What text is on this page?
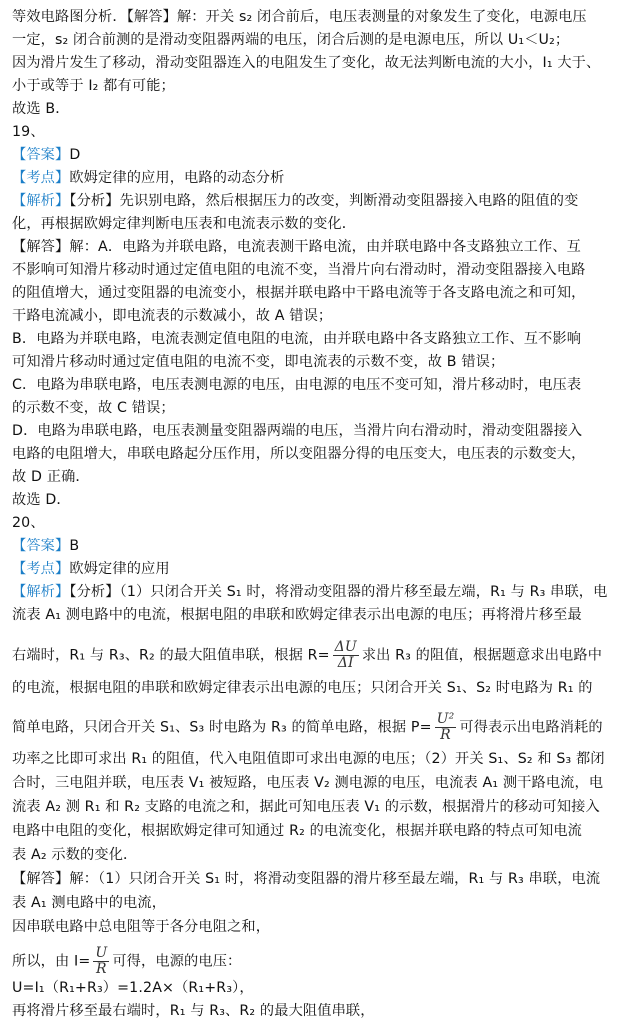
等效电路图分析．【解答】解：开关 s₂ 闭合前后，电压表测量的对象发生了变化，电源电压
一定，s₂ 闭合前测的是滑动变阻器两端的电压，闭合后测的是电源电压，所以 U₁＜U₂；
因为滑片发生了移动，滑动变阻器连入的电阻发生了变化，故无法判断电流的大小，I₁ 大于、
小于或等于 I₂ 都有可能；
故选 B．
19、
【答案】D
【考点】欧姆定律的应用，电路的动态分析
【解析】【分析】先识别电路，然后根据压力的改变，判断滑动变阻器接入电路的阻值的变
化，再根据欧姆定律判断电压表和电流表示数的变化．
【解答】解：A．电路为并联电路，电流表测干路电流，由并联电路中各支路独立工作、互
不影响可知滑片移动时通过定值电阻的电流不变，当滑片向右滑动时，滑动变阻器接入电路
的阻值增大，通过变阻器的电流变小，根据并联电路中干路电流等于各支路电流之和可知，
干路电流减小，即电流表的示数减小，故 A 错误；
B．电路为并联电路，电流表测定值电阻的电流，由并联电路中各支路独立工作、互不影响
可知滑片移动时通过定值电阻的电流不变，即电流表的示数不变，故 B 错误；
C．电路为串联电路，电压表测电源的电压，由电源的电压不变可知，滑片移动时，电压表
的示数不变，故 C 错误；
D．电路为串联电路，电压表测量变阻器两端的电压，当滑片向右滑动时，滑动变阻器接入
电路的电阻增大，串联电路起分压作用，所以变阻器分得的电压变大，电压表的示数变大，
故 D 正确．
故选 D．
20、
【答案】B
【考点】欧姆定律的应用
【解析】【分析】（1）只闭合开关 S₁ 时，将滑动变阻器的滑片移至最左端，R₁ 与 R₃ 串联，电
流表 A₁ 测电路中的电流，根据电阻的串联和欧姆定律表示出电源的电压；再将滑片移至最
右端时，R₁ 与 R₃、R₂ 的最大阻值串联，根据 $R= \frac{\Delta U}{\Delta I}$ 求出 R₃ 的阻值，根据题意求出电路中
的电流，根据电阻的串联和欧姆定律表示出电源的电压；只闭合开关 S₁、S₂ 时电路为 R₁ 的
简单电路，只闭合开关 S₁、S₃ 时电路为 R₃ 的简单电路，根据 $P= \frac{\text{U²}}{R}$ 可得表示出电路消耗的
功率之比即可求出 R₁ 的阻值，代入电阻值即可求出电源的电压；（2）开关 S₁、S₂ 和 S₃ 都闭
合时，三电阻并联，电压表 V₁ 被短路，电压表 V₂ 测电源的电压，电流表 A₁ 测干路电流，电
流表 A₂ 测 R₁ 和 R₂ 支路的电流之和，据此可知电压表 V₁ 的示数，根据滑片的移动可知接入
电路中电阻的变化，根据欧姆定律可知通过 R₂ 的电流变化，根据并联电路的特点可知电流
表 A₂ 示数的变化．
【解答】解：（1）只闭合开关 S₁ 时，将滑动变阻器的滑片移至最左端，R₁ 与 R₃ 串联，电流
表 A₁ 测电路中的电流，
因串联电路中总电阻等于各分电阻之和，
所以，由 $I= \frac{U}{R}$ 可得，电源的电压：
U=I₁（R₁+R₃）=1.2A×（R₁+R₃），
再将滑片移至最右端时，R₁ 与 R₃、R₂ 的最大阻值串联，
